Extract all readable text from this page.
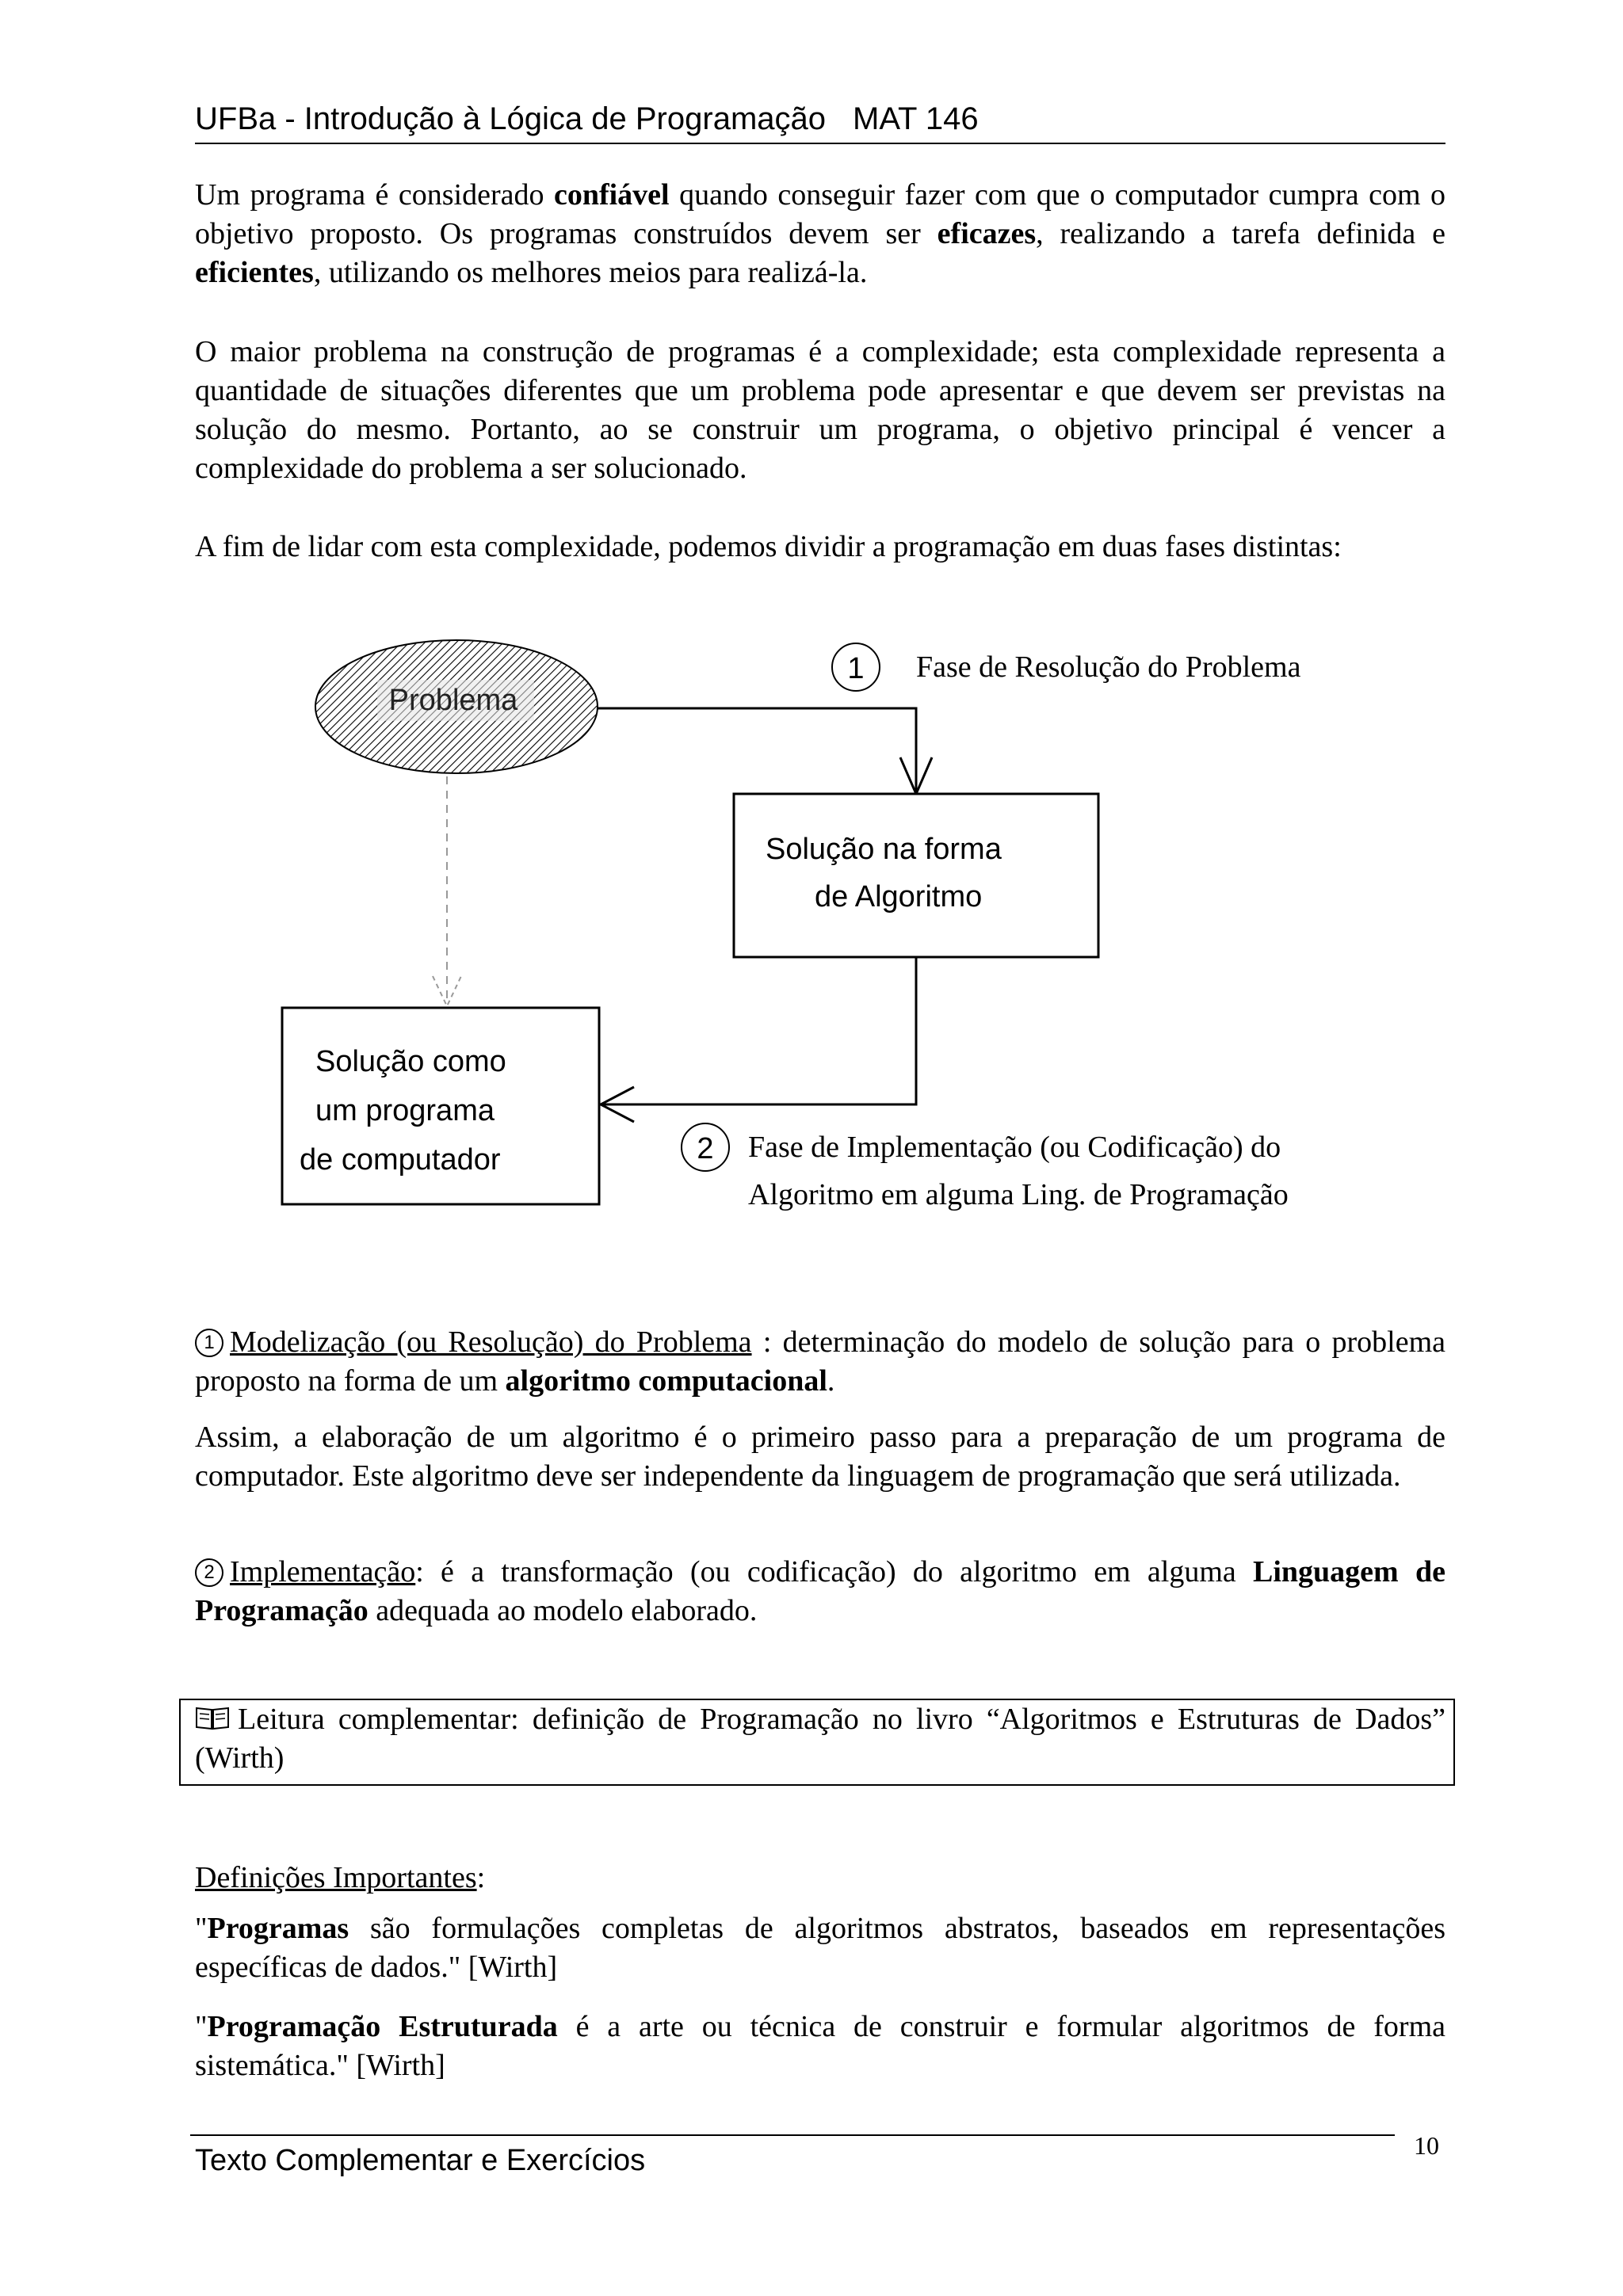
UFBa - Introdução à Lógica de Programação MAT 146

Um programa é considerado confiável quando conseguir fazer com que o computador cumpra com o objetivo proposto. Os programas construídos devem ser eficazes, realizando a tarefa definida e eficientes, utilizando os melhores meios para realizá-la.

O maior problema na construção de programas é a complexidade; esta complexidade representa a quantidade de situações diferentes que um problema pode apresentar e que devem ser previstas na solução do mesmo. Portanto, ao se construir um programa, o objetivo principal é vencer a complexidade do problema a ser solucionado.

A fim de lidar com esta complexidade, podemos dividir a programação em duas fases distintas:

Problema
1 Fase de Resolução do Problema
Solução na forma
de Algoritmo
Solução como
um programa
de computador	2 Fase de Implementação (ou Codificação) do
Algoritmo em alguma Ling. de Programação

1 Modelização (ou Resolução) do Problema : determinação do modelo de solução para o problema proposto na forma de um algoritmo computacional.

Assim, a elaboração de um algoritmo é o primeiro passo para a preparação de um programa de computador. Este algoritmo deve ser independente da linguagem de programação que será utilizada.

2 Implementação: é a transformação (ou codificação) do algoritmo em alguma Linguagem de Programação adequada ao modelo elaborado.

Leitura complementar: definição de Programação no livro “Algoritmos e Estruturas de Dados” (Wirth)

Definições Importantes:

"Programas são formulações completas de algoritmos abstratos, baseados em representações específicas de dados." [Wirth]

"Programação Estruturada é a arte ou técnica de construir e formular algoritmos de forma sistemática." [Wirth]

Texto Complementar e Exercícios	10
